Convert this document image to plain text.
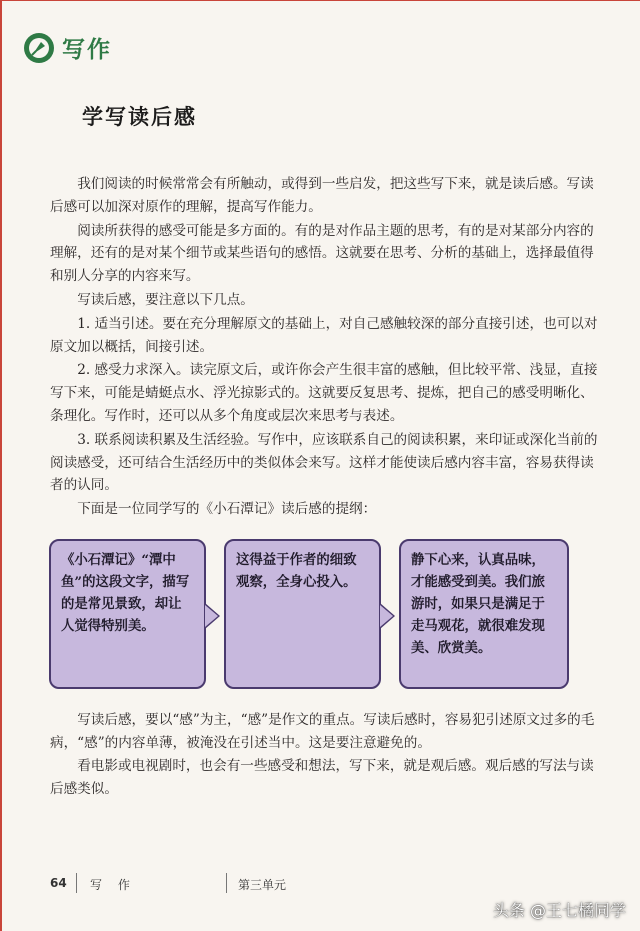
写作
学写读后感

我们阅读的时候常常会有所触动，或得到一些启发，把这些写下来，就是读后感。写读后感可以加深对原作的理解，提高写作能力。

阅读所获得的感受可能是多方面的。有的是对作品主题的思考，有的是对某部分内容的理解，还有的是对某个细节或某些语句的感悟。这就要在思考、分析的基础上，选择最值得和别人分享的内容来写。

写读后感，要注意以下几点。

1. 适当引述。要在充分理解原文的基础上，对自己感触较深的部分直接引述，也可以对原文加以概括，间接引述。

2. 感受力求深入。读完原文后，或许你会产生很丰富的感触，但比较平常、浅显，直接写下来，可能是蜻蜓点水、浮光掠影式的。这就要反复思考、提炼，把自己的感受明晰化、条理化。写作时，还可以从多个角度或层次来思考与表述。

3. 联系阅读积累及生活经验。写作中，应该联系自己的阅读积累，来印证或深化当前的阅读感受，还可结合生活经历中的类似体会来写。这样才能使读后感内容丰富，容易获得读者的认同。

下面是一位同学写的《小石潭记》读后感的提纲：

《小石潭记》“潭中鱼”的这段文字，描写的是常见景致，却让人觉得特别美。
这得益于作者的细致观察，全身心投入。
静下心来，认真品味，才能感受到美。我们旅游时，如果只是满足于走马观花，就很难发现美、欣赏美。

写读后感，要以“感”为主，“感”是作文的重点。写读后感时，容易犯引述原文过多的毛病，“感”的内容单薄，被淹没在引述当中。这是要注意避免的。

看电影或电视剧时，也会有一些感受和想法，写下来，就是观后感。观后感的写法与读后感类似。

64 写 作	第三单元
头条 @王七橘同学
